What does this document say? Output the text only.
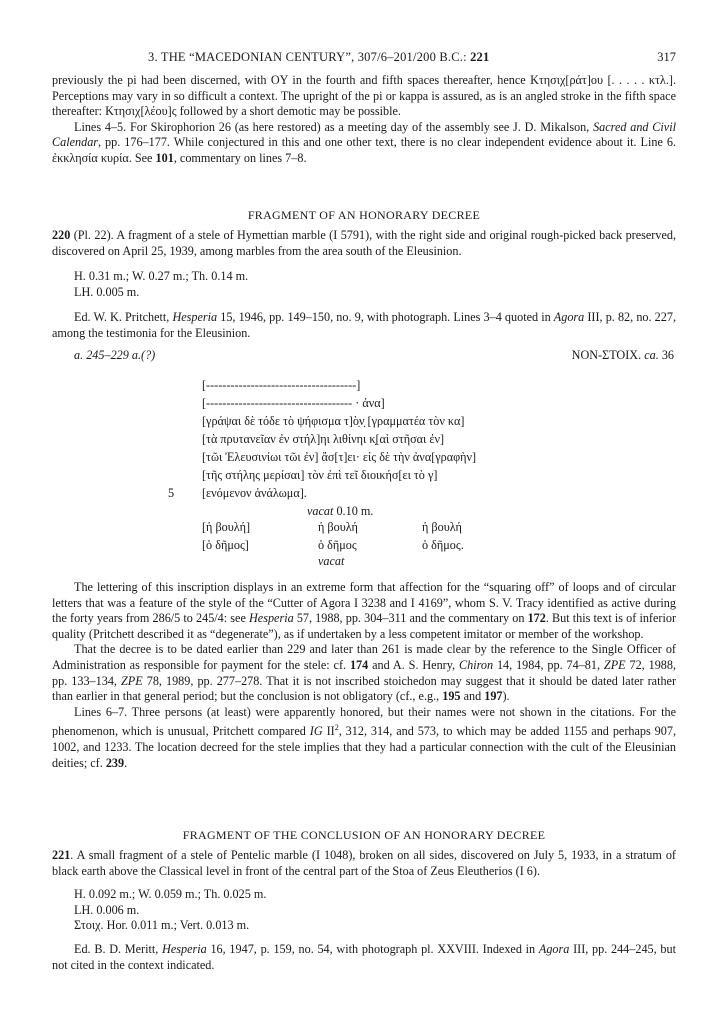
3. THE “MACEDONIAN CENTURY”, 307/6–201/200 B.C.: 221	317

previously the pi had been discerned, with OΥ in the fourth and fifth spaces thereafter, hence Κτησιχ[ράτ]ου [. . . . . κτλ.]. Perceptions may vary in so difficult a context. The upright of the pi or kappa is assured, as is an angled stroke in the fifth space thereafter: Κτησιχ[λέου]ς followed by a short demotic may be possible.

Lines 4–5. For Skirophorion 26 (as here restored) as a meeting day of the assembly see J. D. Mikalson, Sacred and Civil Calendar, pp. 176–177. While conjectured in this and one other text, there is no clear independent evidence about it. Line 6. ἐκκλησία κυρία. See 101, commentary on lines 7–8.

FRAGMENT OF AN HONORARY DECREE

220 (Pl. 22). A fragment of a stele of Hymettian marble (I 5791), with the right side and original rough-picked back preserved, discovered on April 25, 1939, among marbles from the area south of the Eleusinion.

H. 0.31 m.; W. 0.27 m.; Th. 0.14 m.
LH. 0.005 m.

Ed. W. K. Pritchett, Hesperia 15, 1946, pp. 149–150, no. 9, with photograph. Lines 3–4 quoted in Agora III, p. 82, no. 227, among the testimonia for the Eleusinion.

a. 245–229 a.(?)	NON-ΣΤΟΙΧ. ca. 36
[-------------------------------------]
[------------------------------------ · ἀνα]
[γράψαι δὲ τόδε τὸ ψήφισμα τ]ὸ̣ν̣ [γραμματέα τὸν κα]
[τὰ πρυτανεῖαν ἐν στήλ]ηι λιθίνηι κ̣[αὶ στῆσαι ἐν]
[τῶι Ἐλευσινίωι τῶι ἐν] ἄσ[τ]ει· εἰς δὲ τὴν ἀνα[γραφὴν]
[τῆς στήλης μερίσαι] τὸν ἐπὶ τεῖ διοικήσ[ει τὸ γ]
5 [ενόμενον ἀνάλωμα].
vacat 0.10 m.
[ἡ βουλή]
[ὁ δῆμος]
ἡ βουλή
ὁ δῆμος
ἡ βουλή
ὁ δῆμος.
vacat

The lettering of this inscription displays in an extreme form that affection for the “squaring off” of loops and of circular letters that was a feature of the style of the “Cutter of Agora I 3238 and I 4169”, whom S. V. Tracy identified as active during the forty years from 286/5 to 245/4: see Hesperia 57, 1988, pp. 304–311 and the commentary on 172. But this text is of inferior quality (Pritchett described it as “degenerate”), as if undertaken by a less competent imitator or member of the workshop.

That the decree is to be dated earlier than 229 and later than 261 is made clear by the reference to the Single Officer of Administration as responsible for payment for the stele: cf. 174 and A. S. Henry, Chiron 14, 1984, pp. 74–81, ZPE 72, 1988, pp. 133–134, ZPE 78, 1989, pp. 277–278. That it is not inscribed stoichedon may suggest that it should be dated later rather than earlier in that general period; but the conclusion is not obligatory (cf., e.g., 195 and 197).

Lines 6–7. Three persons (at least) were apparently honored, but their names were not shown in the citations. For the phenomenon, which is unusual, Pritchett compared IG $II^2$, 312, 314, and 573, to which may be added 1155 and perhaps 907, 1002, and 1233. The location decreed for the stele implies that they had a particular connection with the cult of the Eleusinian deities; cf. 239.

FRAGMENT OF THE CONCLUSION OF AN HONORARY DECREE

221. A small fragment of a stele of Pentelic marble (I 1048), broken on all sides, discovered on July 5, 1933, in a stratum of black earth above the Classical level in front of the central part of the Stoa of Zeus Eleutherios (I 6).

H. 0.092 m.; W. 0.059 m.; Th. 0.025 m.
LH. 0.006 m.
Στοιχ. Hor. 0.011 m.; Vert. 0.013 m.

Ed. B. D. Meritt, Hesperia 16, 1947, p. 159, no. 54, with photograph pl. XXVIII. Indexed in Agora III, pp. 244–245, but not cited in the context indicated.
